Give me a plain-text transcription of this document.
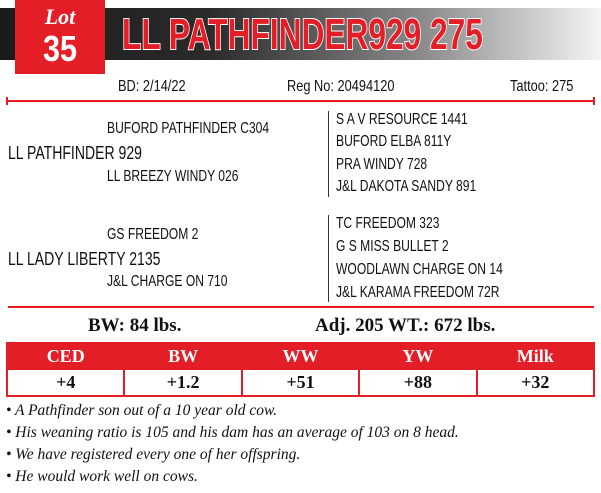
Lot
35	LL PATHFINDER929 275
BD: 2/14/22	Reg No: 20494120	Tattoo: 275
BUFORD PATHFINDER C304
LL PATHFINDER 929
LL BREEZY WINDY 026
S A V RESOURCE 1441
BUFORD ELBA 811Y
PRA WINDY 728
J&L DAKOTA SANDY 891
GS FREEDOM 2
LL LADY LIBERTY 2135
J&L CHARGE ON 710
TC FREEDOM 323
G S MISS BULLET 2
WOODLAWN CHARGE ON 14
J&L KARAMA FREEDOM 72R
BW: 84 lbs.	Adj. 205 WT.: 672 lbs.
CED	BW	WW	YW	Milk
+4	+1.2	+51	+88	+32
• A Pathfinder son out of a 10 year old cow.
• His weaning ratio is 105 and his dam has an average of 103 on 8 head.
• We have registered every one of her offspring.
• He would work well on cows.
